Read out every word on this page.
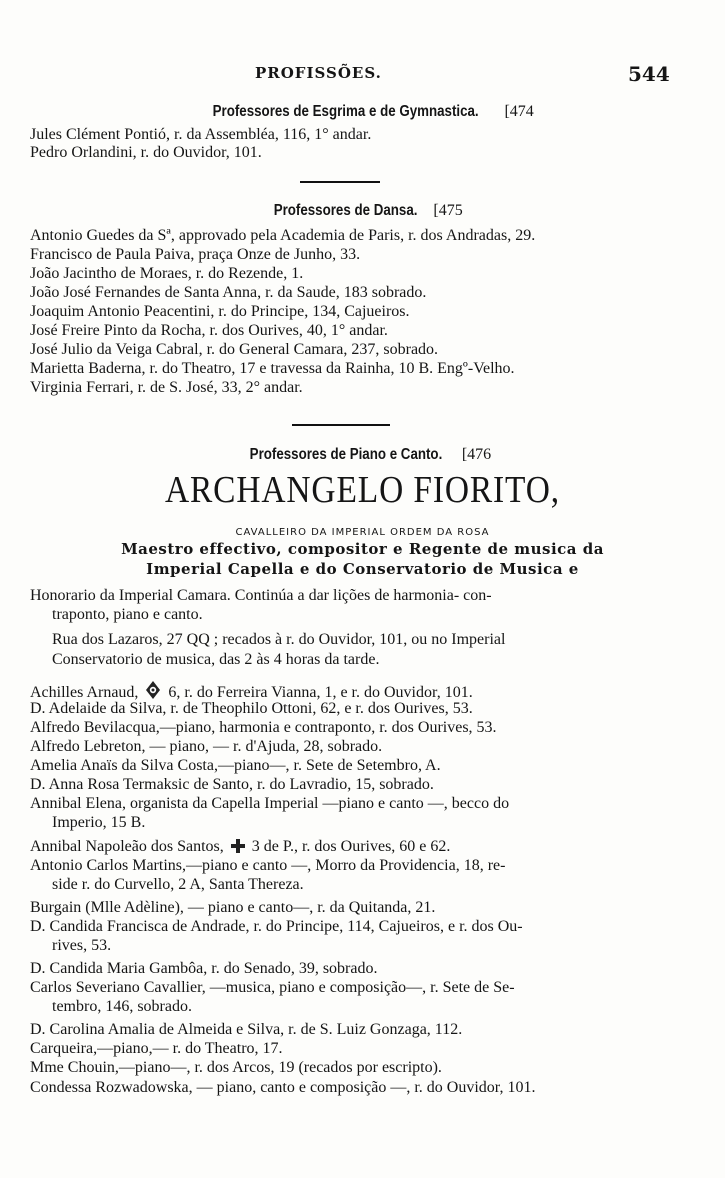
PROFISSÕES.	544
Professores de Esgrima e de Gymnastica. [474
Jules Clément Pontió, r. da Assembléa, 116, 1° andar.
Pedro Orlandini, r. do Ouvidor, 101.
Professores de Dansa. [475
Antonio Guedes da Sª, approvado pela Academia de Paris, r. dos Andradas, 29.
Francisco de Paula Paiva, praça Onze de Junho, 33.
João Jacintho de Moraes, r. do Rezende, 1.
João José Fernandes de Santa Anna, r. da Saude, 183 sobrado.
Joaquim Antonio Peacentini, r. do Principe, 134, Cajueiros.
José Freire Pinto da Rocha, r. dos Ourives, 40, 1° andar.
José Julio da Veiga Cabral, r. do General Camara, 237, sobrado.
Marietta Baderna, r. do Theatro, 17 e travessa da Rainha, 10 B. Engº-Velho.
Virginia Ferrari, r. de S. José, 33, 2° andar.
Professores de Piano e Canto. [476
ARCHANGELO FIORITO,
CAVALLEIRO DA IMPERIAL ORDEM DA ROSA
Maestro effectivo, compositor e Regente de musica da
Imperial Capella e do Conservatorio de Musica e
Honorario da Imperial Camara. Continúa a dar lições de harmonia- con-
traponto, piano e canto.
Rua dos Lazaros, 27 QQ ; recados à r. do Ouvidor, 101, ou no Imperial
Conservatorio de musica, das 2 às 4 horas da tarde.
Achilles Arnaud, 6, r. do Ferreira Vianna, 1, e r. do Ouvidor, 101.
D. Adelaide da Silva, r. de Theophilo Ottoni, 62, e r. dos Ourives, 53.
Alfredo Bevilacqua,—piano, harmonia e contraponto, r. dos Ourives, 53.
Alfredo Lebreton, — piano, — r. d'Ajuda, 28, sobrado.
Amelia Anaïs da Silva Costa,—piano—, r. Sete de Setembro, A.
D. Anna Rosa Termaksic de Santo, r. do Lavradio, 15, sobrado.
Annibal Elena, organista da Capella Imperial —piano e canto —, becco do
Imperio, 15 B.
Annibal Napoleão dos Santos, 3 de P., r. dos Ourives, 60 e 62.
Antonio Carlos Martins,—piano e canto —, Morro da Providencia, 18, re-
side r. do Curvello, 2 A, Santa Thereza.
Burgain (Mlle Adèline), — piano e canto—, r. da Quitanda, 21.
D. Candida Francisca de Andrade, r. do Principe, 114, Cajueiros, e r. dos Ou-
rives, 53.
D. Candida Maria Gambôa, r. do Senado, 39, sobrado.
Carlos Severiano Cavallier, —musica, piano e composição—, r. Sete de Se-
tembro, 146, sobrado.
D. Carolina Amalia de Almeida e Silva, r. de S. Luiz Gonzaga, 112.
Carqueira,—piano,— r. do Theatro, 17.
Mme Chouin,—piano—, r. dos Arcos, 19 (recados por escripto).
Condessa Rozwadowska, — piano, canto e composição —, r. do Ouvidor, 101.
